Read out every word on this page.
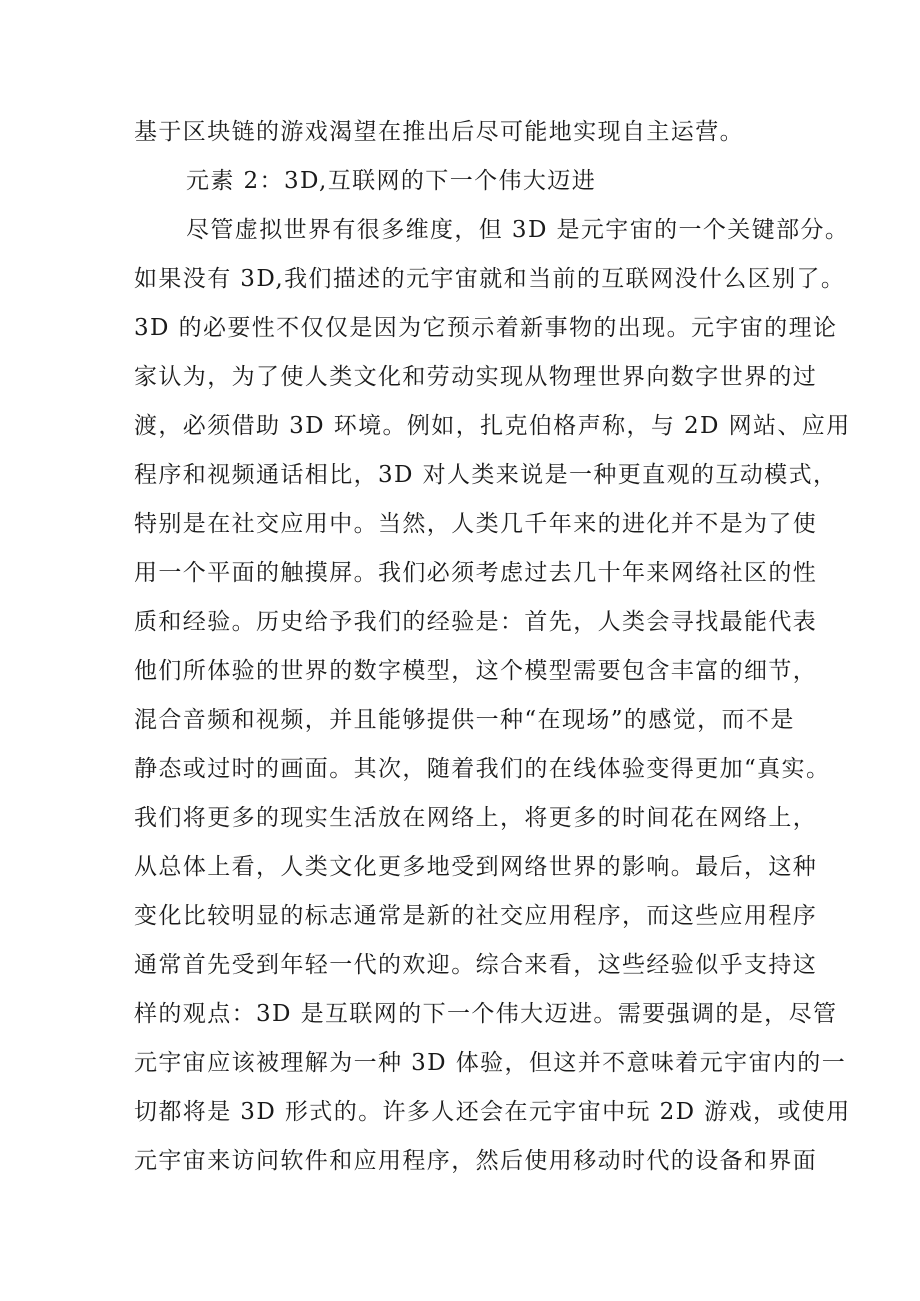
基于区块链的游戏渴望在推出后尽可能地实现自主运营。
元素 2：3D,互联网的下一个伟大迈进
尽管虚拟世界有很多维度，但 3D 是元宇宙的一个关键部分。
如果没有 3D,我们描述的元宇宙就和当前的互联网没什么区别了。
3D 的必要性不仅仅是因为它预示着新事物的出现。元宇宙的理论
家认为，为了使人类文化和劳动实现从物理世界向数字世界的过
渡，必须借助 3D 环境。例如，扎克伯格声称，与 2D 网站、应用
程序和视频通话相比，3D 对人类来说是一种更直观的互动模式，
特别是在社交应用中。当然，人类几千年来的进化并不是为了使
用一个平面的触摸屏。我们必须考虑过去几十年来网络社区的性
质和经验。历史给予我们的经验是：首先，人类会寻找最能代表
他们所体验的世界的数字模型，这个模型需要包含丰富的细节，
混合音频和视频，并且能够提供一种“在现场”的感觉，而不是
静态或过时的画面。其次，随着我们的在线体验变得更加“真实。
我们将更多的现实生活放在网络上，将更多的时间花在网络上，
从总体上看，人类文化更多地受到网络世界的影响。最后，这种
变化比较明显的标志通常是新的社交应用程序，而这些应用程序
通常首先受到年轻一代的欢迎。综合来看，这些经验似乎支持这
样的观点：3D 是互联网的下一个伟大迈进。需要强调的是，尽管
元宇宙应该被理解为一种 3D 体验，但这并不意味着元宇宙内的一
切都将是 3D 形式的。许多人还会在元宇宙中玩 2D 游戏，或使用
元宇宙来访问软件和应用程序，然后使用移动时代的设备和界面
